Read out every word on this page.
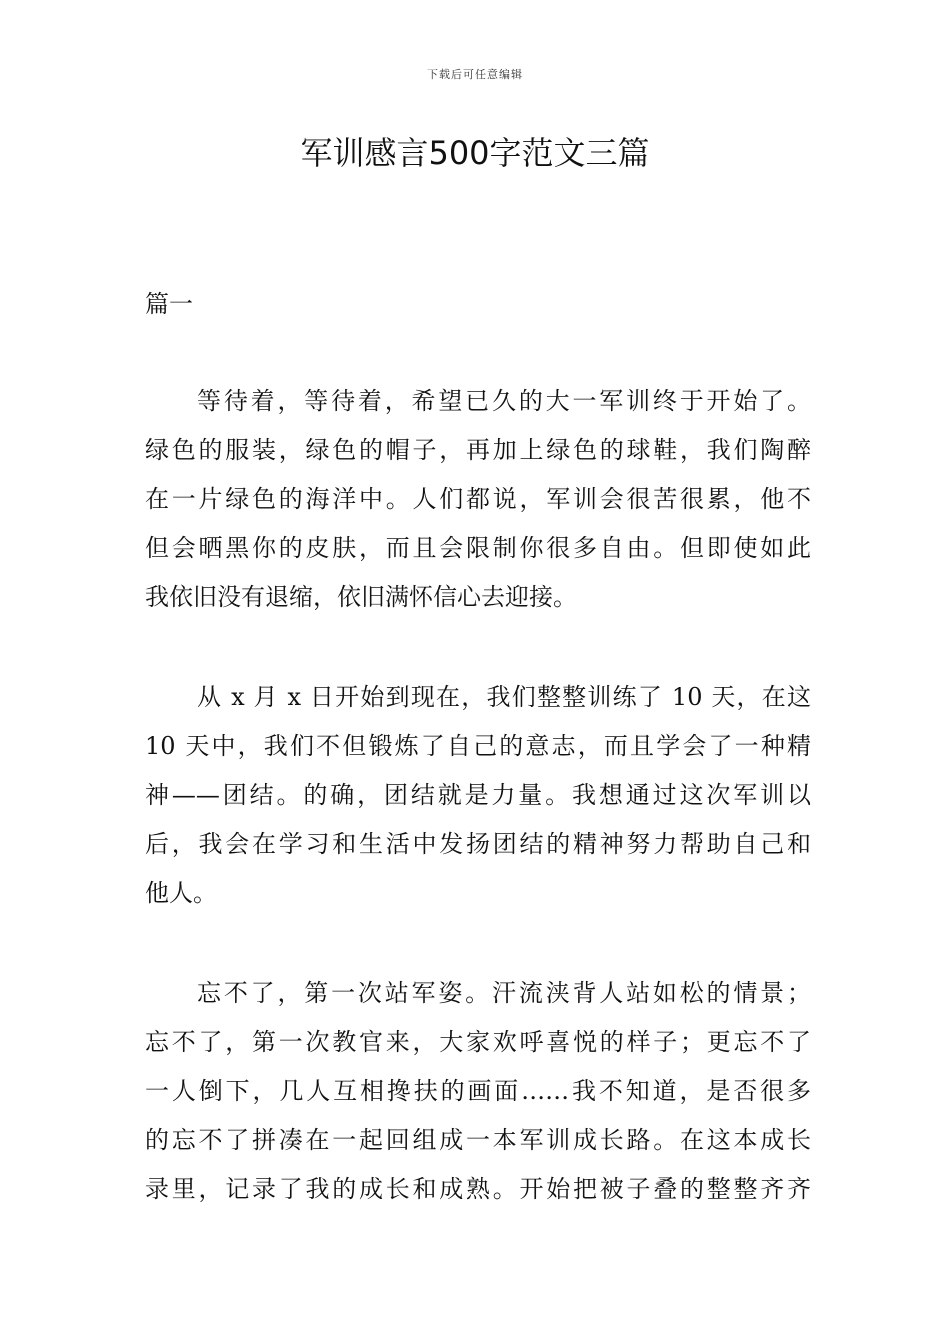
下载后可任意编辑
军训感言500字范文三篇
篇一
等待着，等待着，希望已久的大一军训终于开始了。
绿色的服装，绿色的帽子，再加上绿色的球鞋，我们陶醉
在一片绿色的海洋中。人们都说，军训会很苦很累，他不
但会晒黑你的皮肤，而且会限制你很多自由。但即使如此
我依旧没有退缩，依旧满怀信心去迎接。
从 x 月 x 日开始到现在，我们整整训练了 10 天，在这
10 天中，我们不但锻炼了自己的意志，而且学会了一种精
神——团结。的确，团结就是力量。我想通过这次军训以
后，我会在学习和生活中发扬团结的精神努力帮助自己和
他人。
忘不了，第一次站军姿。汗流浃背人站如松的情景；
忘不了，第一次教官来，大家欢呼喜悦的样子；更忘不了
一人倒下，几人互相搀扶的画面……我不知道，是否很多
的忘不了拼凑在一起回组成一本军训成长路。在这本成长
录里，记录了我的成长和成熟。开始把被子叠的整整齐齐
